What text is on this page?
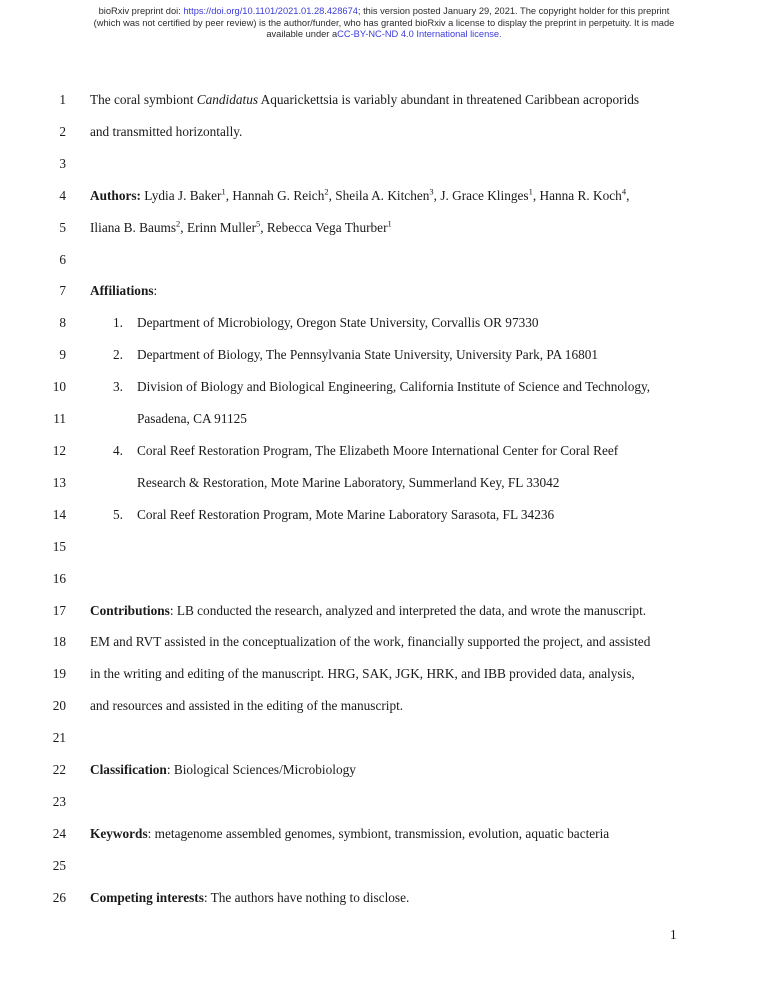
bioRxiv preprint doi: https://doi.org/10.1101/2021.01.28.428674; this version posted January 29, 2021. The copyright holder for this preprint
(which was not certified by peer review) is the author/funder, who has granted bioRxiv a license to display the preprint in perpetuity. It is made
available under aCC-BY-NC-ND 4.0 International license.
1 The coral symbiont Candidatus Aquarickettsia is variably abundant in threatened Caribbean acroporids
2 and transmitted horizontally.
3
4 Authors: Lydia J. Baker$^1$, Hannah G. Reich$^2$, Sheila A. Kitchen$^3$, J. Grace Klinges$^1$, Hanna R. Koch$^4$,
5 Iliana B. Baums$^2$, Erinn Muller$^5$, Rebecca Vega Thurber$^1$
6
7 Affiliations:
8	1. Department of Microbiology, Oregon State University, Corvallis OR 97330
9	2. Department of Biology, The Pennsylvania State University, University Park, PA 16801
10	3. Division of Biology and Biological Engineering, California Institute of Science and Technology,
11	Pasadena, CA 91125
12	4. Coral Reef Restoration Program, The Elizabeth Moore International Center for Coral Reef
13	Research & Restoration, Mote Marine Laboratory, Summerland Key, FL 33042
14	5. Coral Reef Restoration Program, Mote Marine Laboratory Sarasota, FL 34236
15
16
17 Contributions: LB conducted the research, analyzed and interpreted the data, and wrote the manuscript.
18 EM and RVT assisted in the conceptualization of the work, financially supported the project, and assisted
19 in the writing and editing of the manuscript. HRG, SAK, JGK, HRK, and IBB provided data, analysis,
20 and resources and assisted in the editing of the manuscript.
21
22 Classification: Biological Sciences/Microbiology
23
24 Keywords: metagenome assembled genomes, symbiont, transmission, evolution, aquatic bacteria
25
26 Competing interests: The authors have nothing to disclose.
1
